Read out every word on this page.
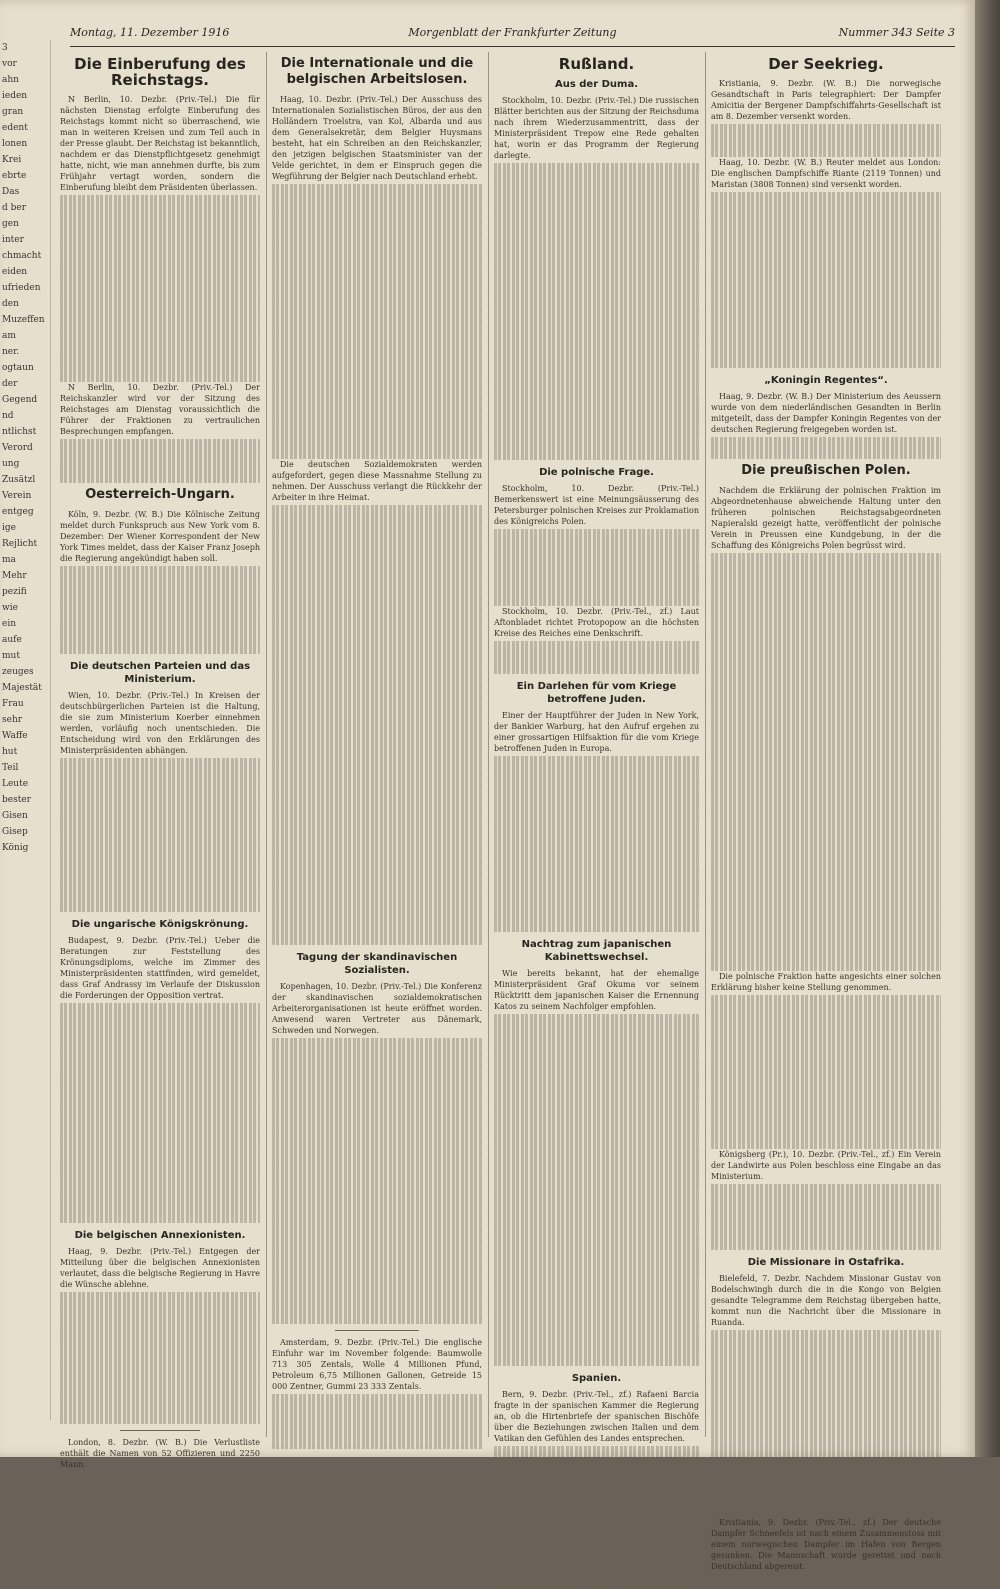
3
vor
ahn
ieden
gran
edent
lonen
Krei
ebrte
Das
d ber
gen
inter
chmacht
eiden
ufrieden
den
Muzeffen
am
ner.
ogtaun
der
Gegend
nd
ntlichst
Verord
ung
Zusätzl
Verein
entgeg
ige
Rejlicht
ma
Mehr
pezifi
wie
ein
aufe
mut
zeuges
Majestät
Frau
sehr
Waffe
hut
Teil
Leute
bester
Gisen
Gisep
König
Montag, 11. Dezember 1916	Morgenblatt der Frankfurter Zeitung	Nummer 343 Seite 3
Die Einberufung des Reichstags.

N Berlin, 10. Dezbr. (Priv.-Tel.) Die für nächsten Dienstag erfolgte Einberufung des Reichstags kommt nicht so überraschend, wie man in weiteren Kreisen und zum Teil auch in der Presse glaubt. Der Reichstag ist bekanntlich, nachdem er das Dienstpflichtgesetz genehmigt hatte, nicht, wie man annehmen durfte, bis zum Frühjahr vertagt worden, sondern die Einberufung bleibt dem Präsidenten überlassen.

N Berlin, 10. Dezbr. (Priv.-Tel.) Der Reichskanzler wird vor der Sitzung des Reichstages am Dienstag voraussichtlich die Führer der Fraktionen zu vertraulichen Besprechungen empfangen.

Oesterreich-Ungarn.

Köln, 9. Dezbr. (W. B.) Die Kölnische Zeitung meldet durch Funkspruch aus New York vom 8. Dezember: Der Wiener Korrespondent der New York Times meldet, dass der Kaiser Franz Joseph die Regierung angekündigt haben soll.

Die deutschen Parteien und das Ministerium.

Wien, 10. Dezbr. (Priv.-Tel.) In Kreisen der deutschbürgerlichen Parteien ist die Haltung, die sie zum Ministerium Koerber einnehmen werden, vorläufig noch unentschieden. Die Entscheidung wird von den Erklärungen des Ministerpräsidenten abhängen.

Die ungarische Königskrönung.

Budapest, 9. Dezbr. (Priv.-Tel.) Ueber die Beratungen zur Feststellung des Krönungsdiploms, welche im Zimmer des Ministerpräsidenten stattfinden, wird gemeldet, dass Graf Andrassy im Verlaufe der Diskussion die Forderungen der Opposition vertrat.

Die belgischen Annexionisten.

Haag, 9. Dezbr. (Priv.-Tel.) Entgegen der Mitteilung über die belgischen Annexionisten verlautet, dass die belgische Regierung in Havre die Wünsche ablehne.

London, 8. Dezbr. (W. B.) Die Verlustliste enthält die Namen von 52 Offizieren und 2250 Mann.

Die Internationale und die belgischen Arbeitslosen.

Haag, 10. Dezbr. (Priv.-Tel.) Der Ausschuss des Internationalen Sozialistischen Büros, der aus den Holländern Troelstra, van Kol, Albarda und aus dem Generalsekretär, dem Belgier Huysmans besteht, hat ein Schreiben an den Reichskanzler, den jetzigen belgischen Staatsminister van der Velde gerichtet, in dem er Einspruch gegen die Wegführung der Belgier nach Deutschland erhebt.

Die deutschen Sozialdemokraten werden aufgefordert, gegen diese Massnahme Stellung zu nehmen. Der Ausschuss verlangt die Rückkehr der Arbeiter in ihre Heimat.

Tagung der skandinavischen Sozialisten.

Kopenhagen, 10. Dezbr. (Priv.-Tel.) Die Konferenz der skandinavischen sozialdemokratischen Arbeiterorganisationen ist heute eröffnet worden. Anwesend waren Vertreter aus Dänemark, Schweden und Norwegen.

Amsterdam, 9. Dezbr. (Priv.-Tel.) Die englische Einfuhr war im November folgende: Baumwolle 713 305 Zentals, Wolle 4 Millionen Pfund, Petroleum 6,75 Millionen Gallonen, Getreide 15 000 Zentner, Gummi 23 333 Zentals.

Rußland.
Aus der Duma.

Stockholm, 10. Dezbr. (Priv.-Tel.) Die russischen Blätter berichten aus der Sitzung der Reichsduma nach ihrem Wiederzusammentritt, dass der Ministerpräsident Trepow eine Rede gehalten hat, worin er das Programm der Regierung darlegte.

Die polnische Frage.

Stockholm, 10. Dezbr. (Priv.-Tel.) Bemerkenswert ist eine Meinungsäusserung des Petersburger polnischen Kreises zur Proklamation des Königreichs Polen.

Stockholm, 10. Dezbr. (Priv.-Tel., zf.) Laut Aftonbladet richtet Protopopow an die höchsten Kreise des Reiches eine Denkschrift.

Ein Darlehen für vom Kriege betroffene Juden.

Einer der Hauptführer der Juden in New York, der Bankier Warburg, hat den Aufruf ergehen zu einer grossartigen Hilfsaktion für die vom Kriege betroffenen Juden in Europa.

Nachtrag zum japanischen Kabinettswechsel.

Wie bereits bekannt, hat der ehemalige Ministerpräsident Graf Okuma vor seinem Rücktritt dem japanischen Kaiser die Ernennung Katos zu seinem Nachfolger empfohlen.

Spanien.

Bern, 9. Dezbr. (Priv.-Tel., zf.) Rafaeni Barcia fragte in der spanischen Kammer die Regierung an, ob die Hirtenbriefe der spanischen Bischöfe über die Beziehungen zwischen Italien und dem Vatikan den Gefühlen des Landes entsprechen.

Der Seekrieg.

Kristiania, 9. Dezbr. (W. B.) Die norwegische Gesandtschaft in Paris telegraphiert: Der Dampfer Amicitia der Bergener Dampfschiffahrts-Gesellschaft ist am 8. Dezember versenkt worden.

Haag, 10. Dezbr. (W. B.) Reuter meldet aus London: Die englischen Dampfschiffe Riante (2119 Tonnen) und Maristan (3808 Tonnen) sind versenkt worden.

„Koningin Regentes“.

Haag, 9. Dezbr. (W. B.) Der Ministerium des Aeussern wurde von dem niederländischen Gesandten in Berlin mitgeteilt, dass der Dampfer Koningin Regentes von der deutschen Regierung freigegeben worden ist.

Die preußischen Polen.

Nachdem die Erklärung der polnischen Fraktion im Abgeordnetenhause abweichende Haltung unter den früheren polnischen Reichstagsabgeordneten Napieralski gezeigt hatte, veröffentlicht der polnische Verein in Preussen eine Kundgebung, in der die Schaffung des Königreichs Polen begrüsst wird.

Die polnische Fraktion hatte angesichts einer solchen Erklärung bisher keine Stellung genommen.

Königsberg (Pr.), 10. Dezbr. (Priv.-Tel., zf.) Ein Verein der Landwirte aus Polen beschloss eine Eingabe an das Ministerium.

Die Missionare in Ostafrika.

Bielefeld, 7. Dezbr. Nachdem Missionar Gustav von Bodelschwingh durch die in die Kongo von Belgien gesandte Telegramme dem Reichstag übergeben hatte, kommt nun die Nachricht über die Missionare in Ruanda.

Kristiania, 9. Dezbr. (Priv.-Tel., zf.) Der deutsche Dampfer Schneefels ist nach einem Zusammenstoss mit einem norwegischen Dampfer im Hafen von Bergen gesunken. Die Mannschaft wurde gerettet und nach Deutschland abgereist.
